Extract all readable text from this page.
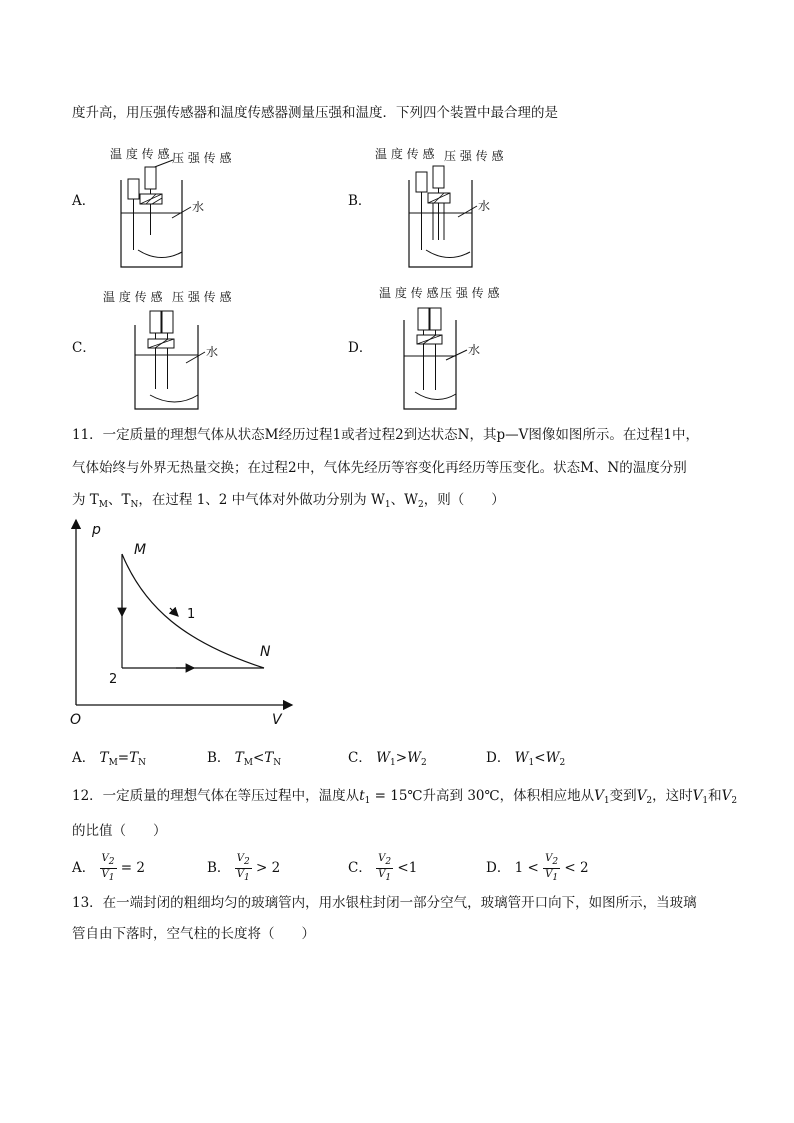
度升高，用压强传感器和温度传感器测量压强和温度．下列四个装置中最合理的是
A．	B．
C．	D．
温 度 传 感 压 强 传 感
水
温 度 传 感 压 强 传 感
水
温 度 传 感 压 强 传 感
水
温 度 传 感 压 强 传 感
水
11．一定质量的理想气体从状态M经历过程1或者过程2到达状态N，其p—V图像如图所示。在过程1中，
气体始终与外界无热量交换；在过程2中，气体先经历等容变化再经历等压变化。状态M、N的温度分别
为 $T_M$、$T_N$，在过程 1、2 中气体对外做功分别为 $W_1$、$W_2$，则（　　）
p
V
O
M
N
1
2
A． $T_M=T_N$	B． $T_M<T_N$	C． $W_1>W_2$	D． $W_1<W_2$
12．一定质量的理想气体在等压过程中，温度从$t_1$ = 15℃升高到 30℃，体积相应地从$V_1$变到$V_2$，这时$V_1$和$V_2$
的比值（　　）
A． $\frac{V_2}{V_1} = 2$	B． $\frac{V_2}{V_1} > 2$	C． $\frac{V_2}{V_1} <1$	D． $1 < \frac{V_2}{V_1} < 2$
13．在一端封闭的粗细均匀的玻璃管内，用水银柱封闭一部分空气，玻璃管开口向下，如图所示，当玻璃
管自由下落时，空气柱的长度将（　　）
